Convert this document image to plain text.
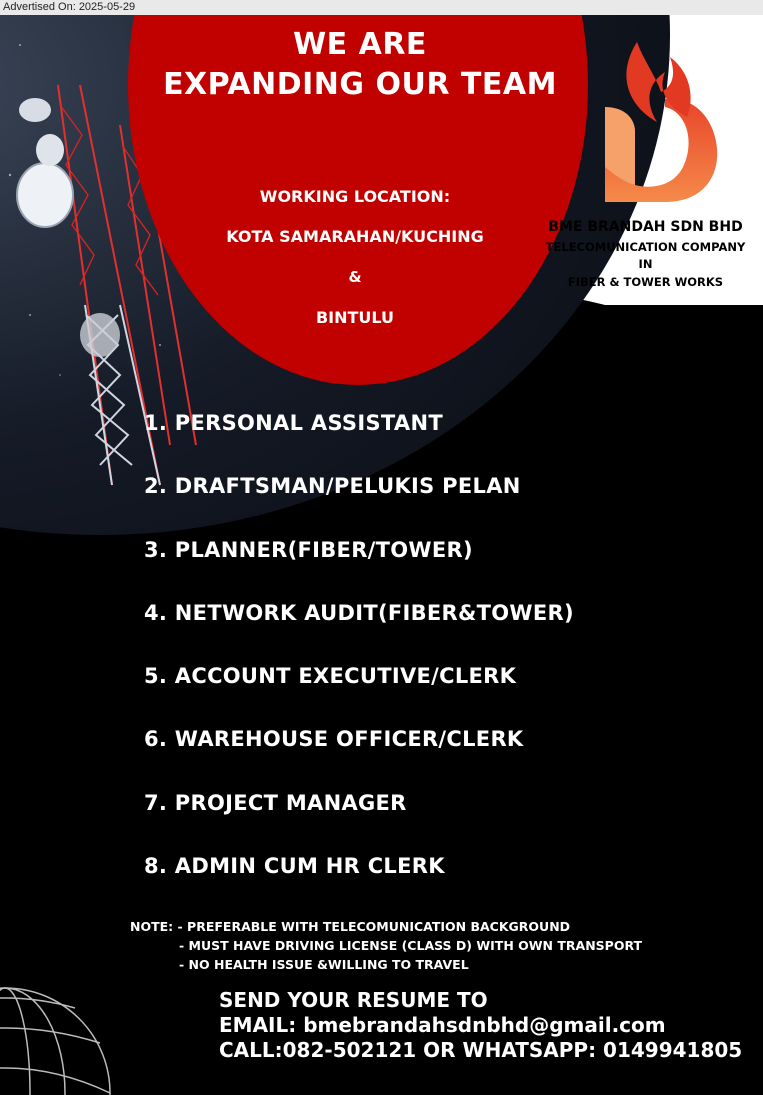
Advertised On: 2025-05-29
WE ARE
EXPANDING OUR TEAM
WORKING LOCATION:
KOTA SAMARAHAN/KUCHING
&
BINTULU
BME BRANDAH SDN BHD
TELECOMUNICATION COMPANY
IN
FIBER & TOWER WORKS
1. PERSONAL ASSISTANT
2. DRAFTSMAN/PELUKIS PELAN
3. PLANNER(FIBER/TOWER)
4. NETWORK AUDIT(FIBER&TOWER)
5. ACCOUNT EXECUTIVE/CLERK
6. WAREHOUSE OFFICER/CLERK
7. PROJECT MANAGER
8. ADMIN CUM HR CLERK
NOTE: - PREFERABLE WITH TELECOMUNICATION BACKGROUND
- MUST HAVE DRIVING LICENSE (CLASS D) WITH OWN TRANSPORT
- NO HEALTH ISSUE &WILLING TO TRAVEL
SEND YOUR RESUME TO
EMAIL: bmebrandahsdnbhd@gmail.com
CALL:082-502121 OR WHATSAPP: 0149941805
